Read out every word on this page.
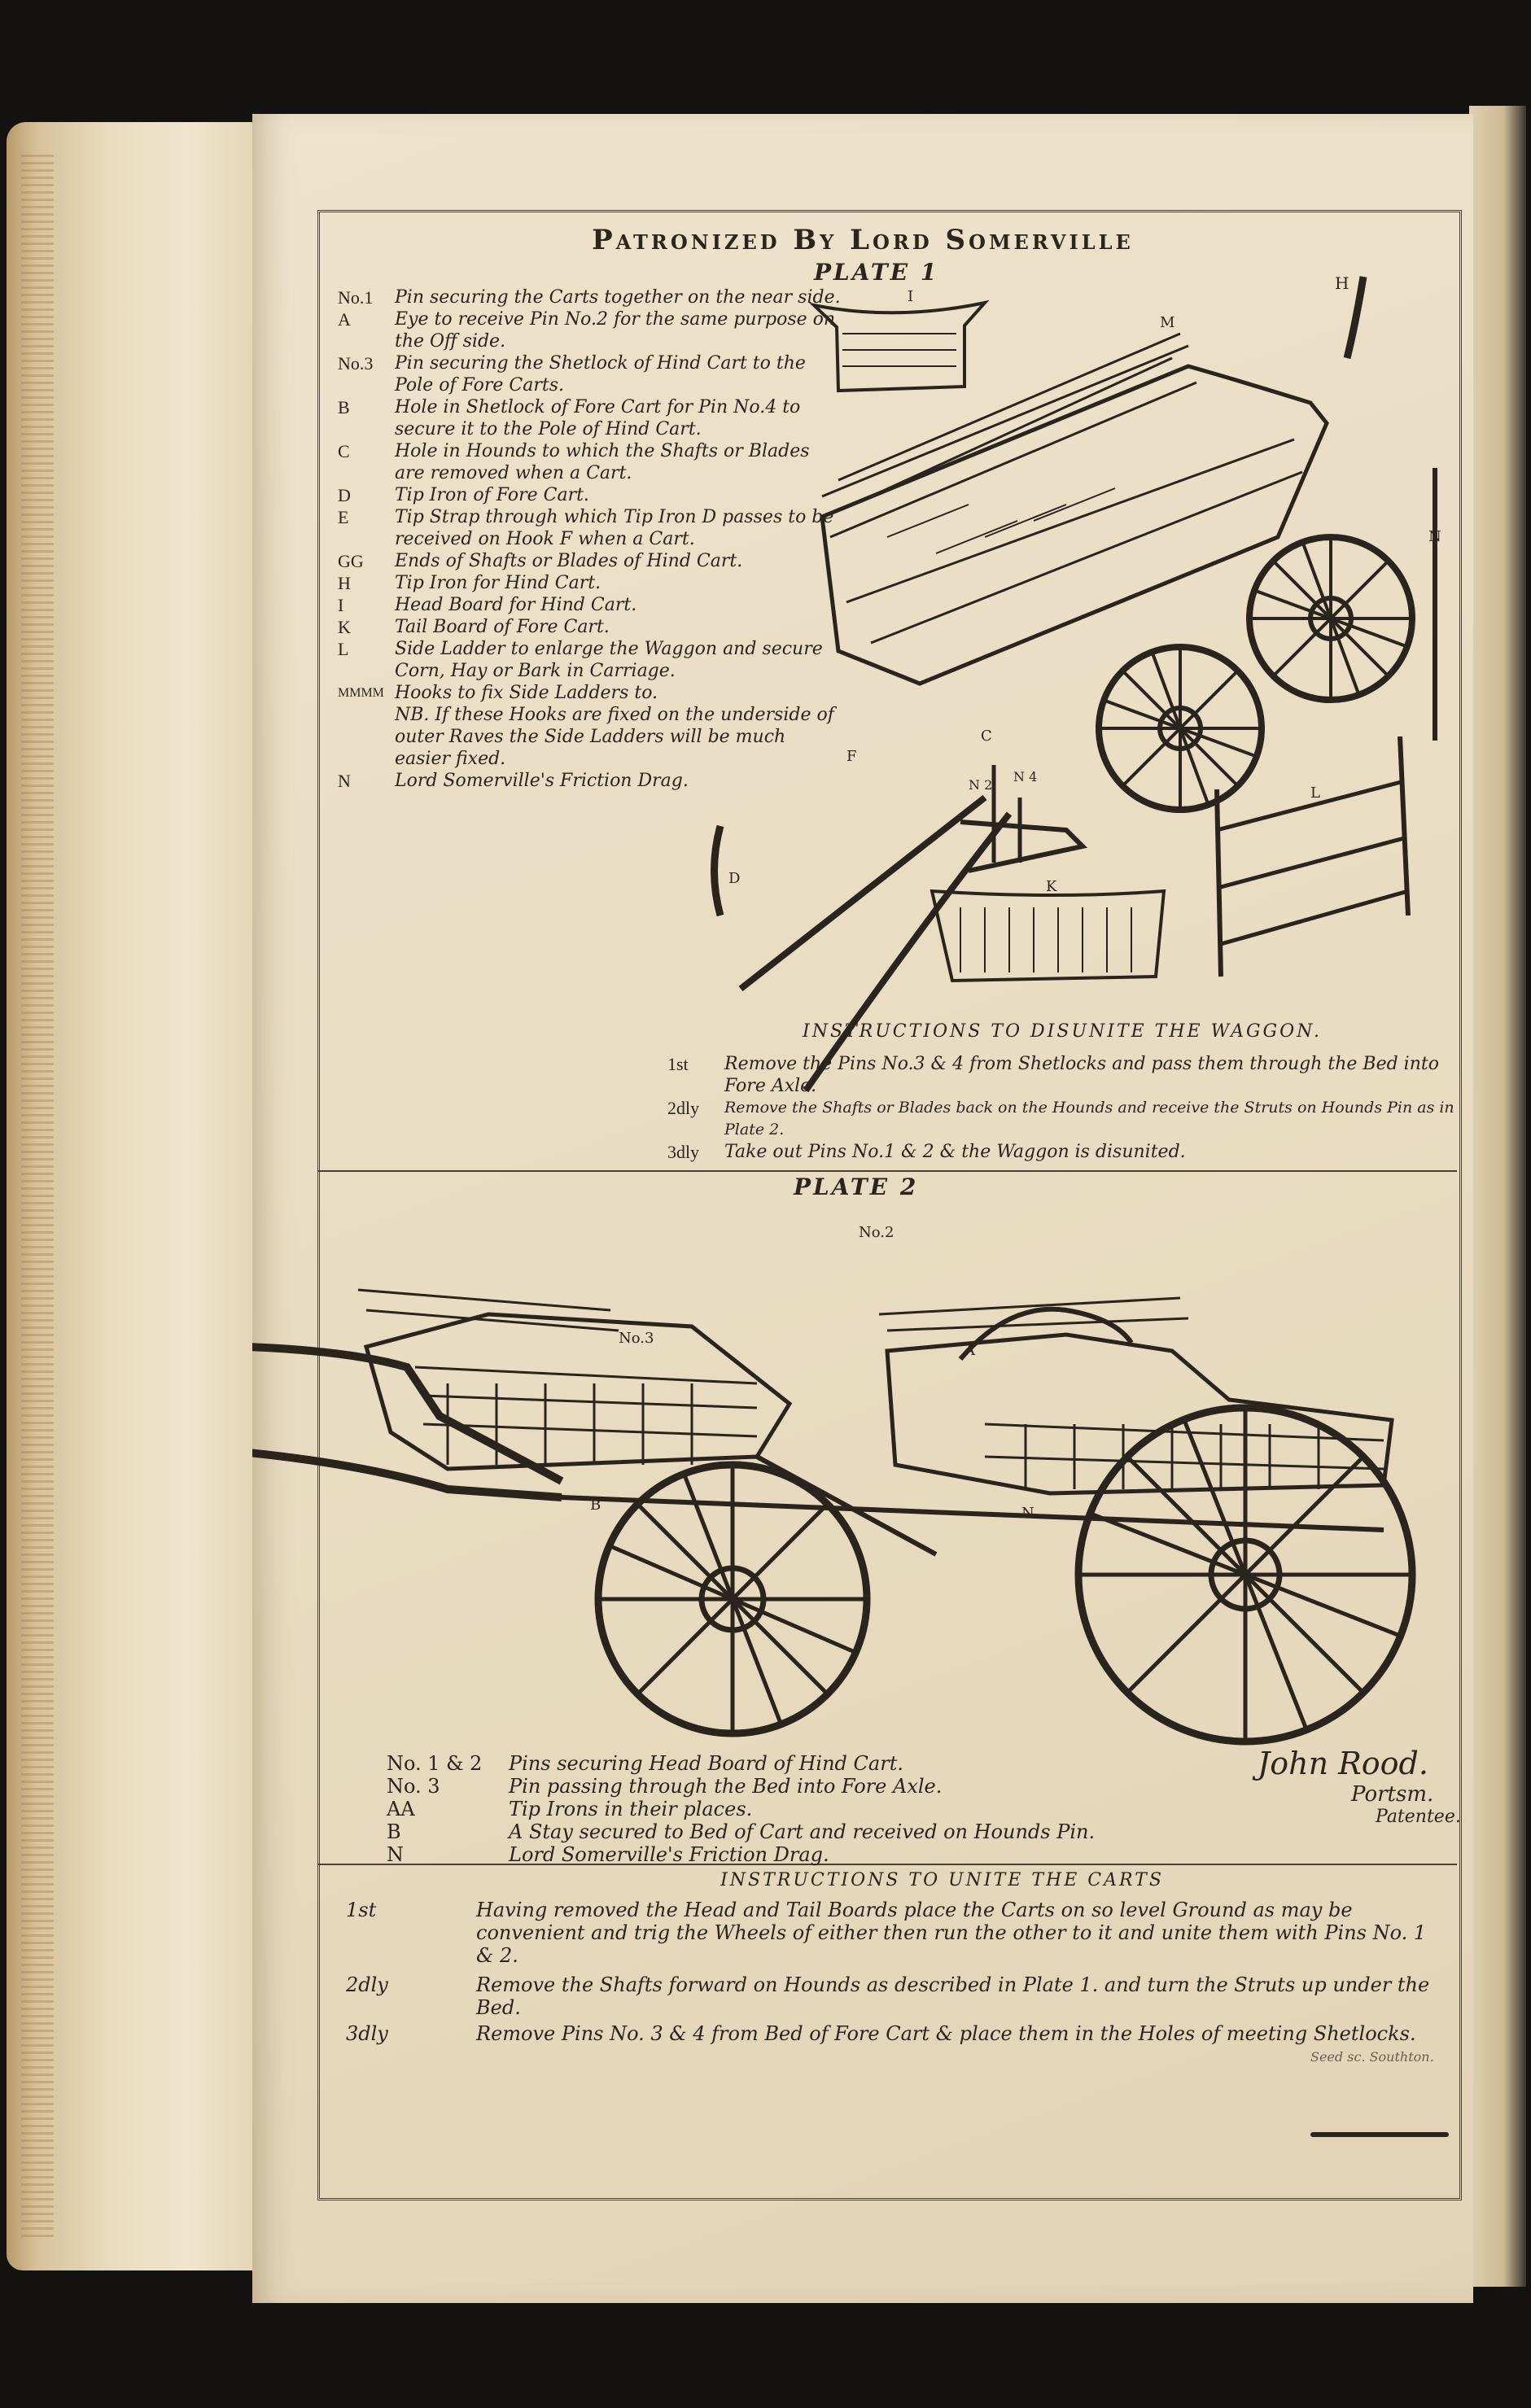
Patronized By Lord Somerville
PLATE 1
No.1	Pin securing the Carts together on the near side.
A	Eye to receive Pin No.2 for the same purpose on the Off side.
No.3	Pin securing the Shetlock of Hind Cart to the Pole of Fore Carts.
B	Hole in Shetlock of Fore Cart for Pin No.4 to secure it to the Pole of Hind Cart.
C	Hole in Hounds to which the Shafts or Blades are removed when a Cart.
D	Tip Iron of Fore Cart.
E	Tip Strap through which Tip Iron D passes to be received on Hook F when a Cart.
GG	Ends of Shafts or Blades of Hind Cart.
H	Tip Iron for Hind Cart.
I	Head Board for Hind Cart.
K	Tail Board of Fore Cart.
L	Side Ladder to enlarge the Waggon and secure Corn, Hay or Bark in Carriage.
MMMM Hooks to fix Side Ladders to.
NB. If these Hooks are fixed on the underside of outer Raves the Side Ladders will be much easier fixed.
N	Lord Somerville's Friction Drag.
I
M
H
N
C
D
F
K
L
N 2
N 4
INSTRUCTIONS TO DISUNITE THE WAGGON.
1st	Remove the Pins No.3 & 4 from Shetlocks and pass them through the Bed into Fore Axle.
2dly	Remove the Shafts or Blades back on the Hounds and receive the Struts on Hounds Pin as in Plate 2.
3dly	Take out Pins No.1 & 2 & the Waggon is disunited.
PLATE 2
No.2
No.3
A
B	N
No. 1 & 2	Pins securing Head Board of Hind Cart.
No. 3	Pin passing through the Bed into Fore Axle.
AA	Tip Irons in their places.
B	A Stay secured to Bed of Cart and received on Hounds Pin.
N	Lord Somerville's Friction Drag.
John Rood.
Portsm.
Patentee.
INSTRUCTIONS TO UNITE THE CARTS
1st	Having removed the Head and Tail Boards place the Carts on so level Ground as may be convenient and trig the Wheels of either then run the other to it and unite them with Pins No. 1 & 2.
2dly	Remove the Shafts forward on Hounds as described in Plate 1. and turn the Struts up under the Bed.
3dly	Remove Pins No. 3 & 4 from Bed of Fore Cart & place them in the Holes of meeting Shetlocks.
Seed sc. Southton.
